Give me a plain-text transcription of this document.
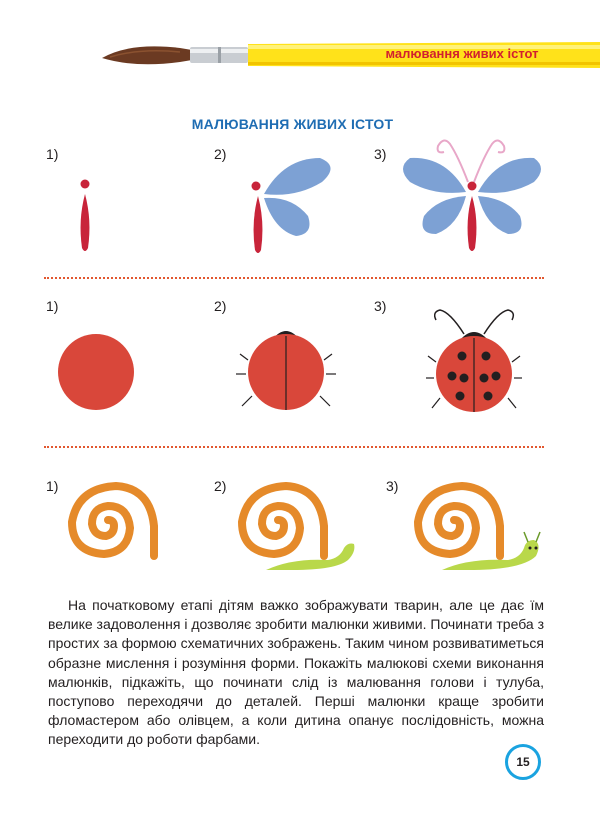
малювання живих істот
МАЛЮВАННЯ ЖИВИХ ІСТОТ
1)	2)	3)
1)	2)	3)
1)	2)	3)

На початковому етапі дітям важко зображувати тварин, але це дає їм велике задоволення і дозволяє зробити малюнки живими. Починати треба з простих за формою схематичних зображень. Таким чином розвиватиметься образне мислення і розуміння форми. Покажіть малюкові схеми виконання малюнків, підкажіть, що починати слід із малювання голови і тулуба, поступово переходячи до деталей. Перші малюнки краще зробити фломастером або олівцем, а коли дитина опанує послідовність, можна переходити до роботи фарбами.

15
